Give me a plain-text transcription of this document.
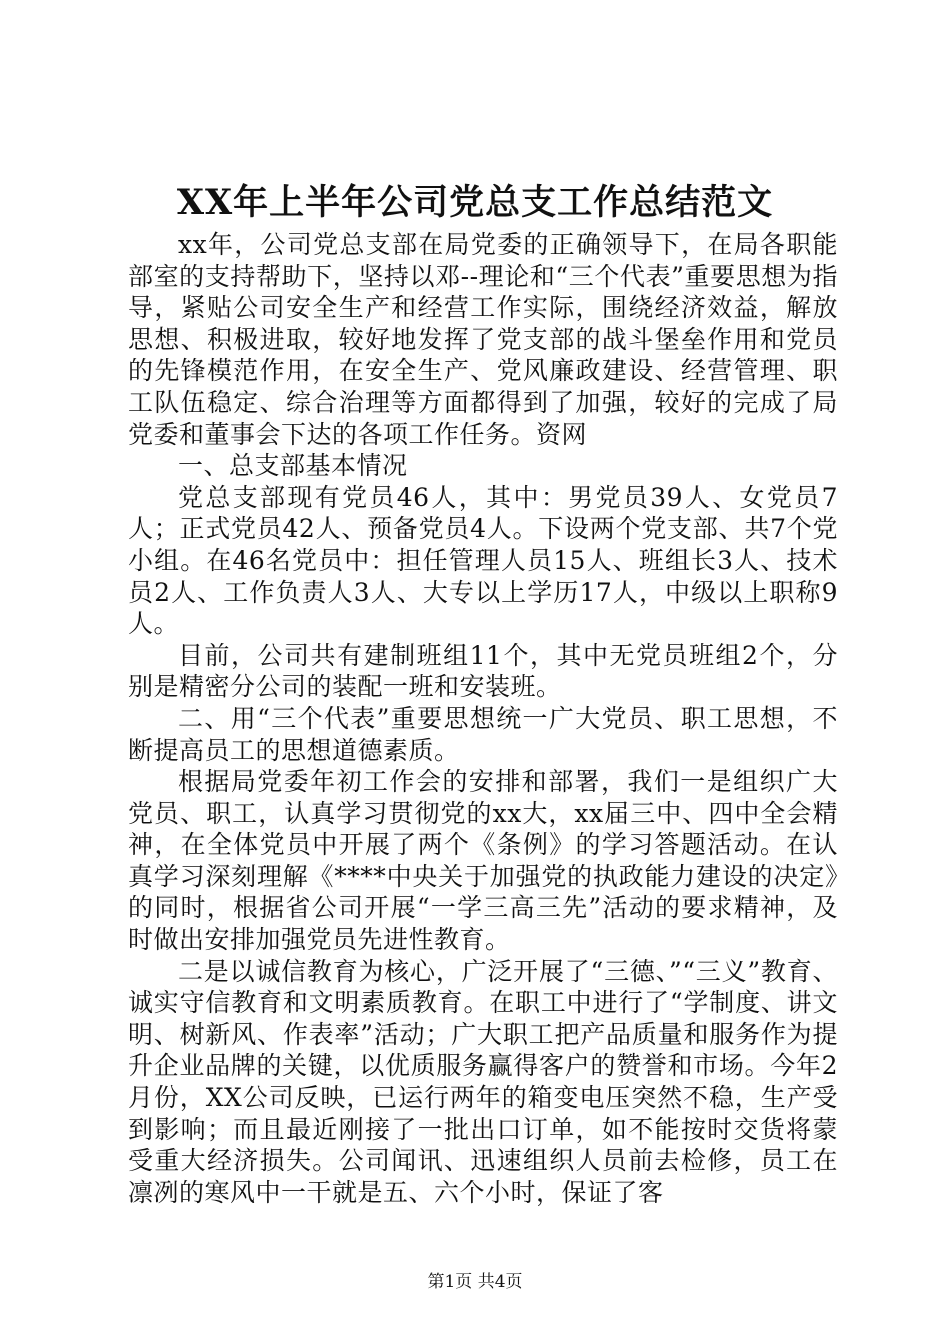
XX年上半年公司党总支工作总结范文

xx年，公司党总支部在局党委的正确领导下，在局各职能部室的支持帮助下，坚持以邓--理论和“三个代表”重要思想为指导，紧贴公司安全生产和经营工作实际，围绕经济效益，解放思想、积极进取，较好地发挥了党支部的战斗堡垒作用和党员的先锋模范作用，在安全生产、党风廉政建设、经营管理、职工队伍稳定、综合治理等方面都得到了加强，较好的完成了局党委和董事会下达的各项工作任务。资网

一、总支部基本情况

党总支部现有党员46人，其中：男党员39人、女党员7人；正式党员42人、预备党员4人。下设两个党支部、共7个党小组。在46名党员中：担任管理人员15人、班组长3人、技术员2人、工作负责人3人、大专以上学历17人，中级以上职称9人。

目前，公司共有建制班组11个，其中无党员班组2个，分别是精密分公司的装配一班和安装班。

二、用“三个代表”重要思想统一广大党员、职工思想，不断提高员工的思想道德素质。

根据局党委年初工作会的安排和部署，我们一是组织广大党员、职工，认真学习贯彻党的xx大，xx届三中、四中全会精神，在全体党员中开展了两个《条例》的学习答题活动。在认真学习深刻理解《****中央关于加强党的执政能力建设的决定》的同时，根据省公司开展“一学三高三先”活动的要求精神，及时做出安排加强党员先进性教育。

二是以诚信教育为核心，广泛开展了“三德、”“三义”教育、诚实守信教育和文明素质教育。在职工中进行了“学制度、讲文明、树新风、作表率”活动；广大职工把产品质量和服务作为提升企业品牌的关键，以优质服务赢得客户的赞誉和市场。今年2月份，XX公司反映，已运行两年的箱变电压突然不稳，生产受到影响；而且最近刚接了一批出口订单，如不能按时交货将蒙受重大经济损失。公司闻讯、迅速组织人员前去检修，员工在凛冽的寒风中一干就是五、六个小时，保证了客

第1页 共4页
